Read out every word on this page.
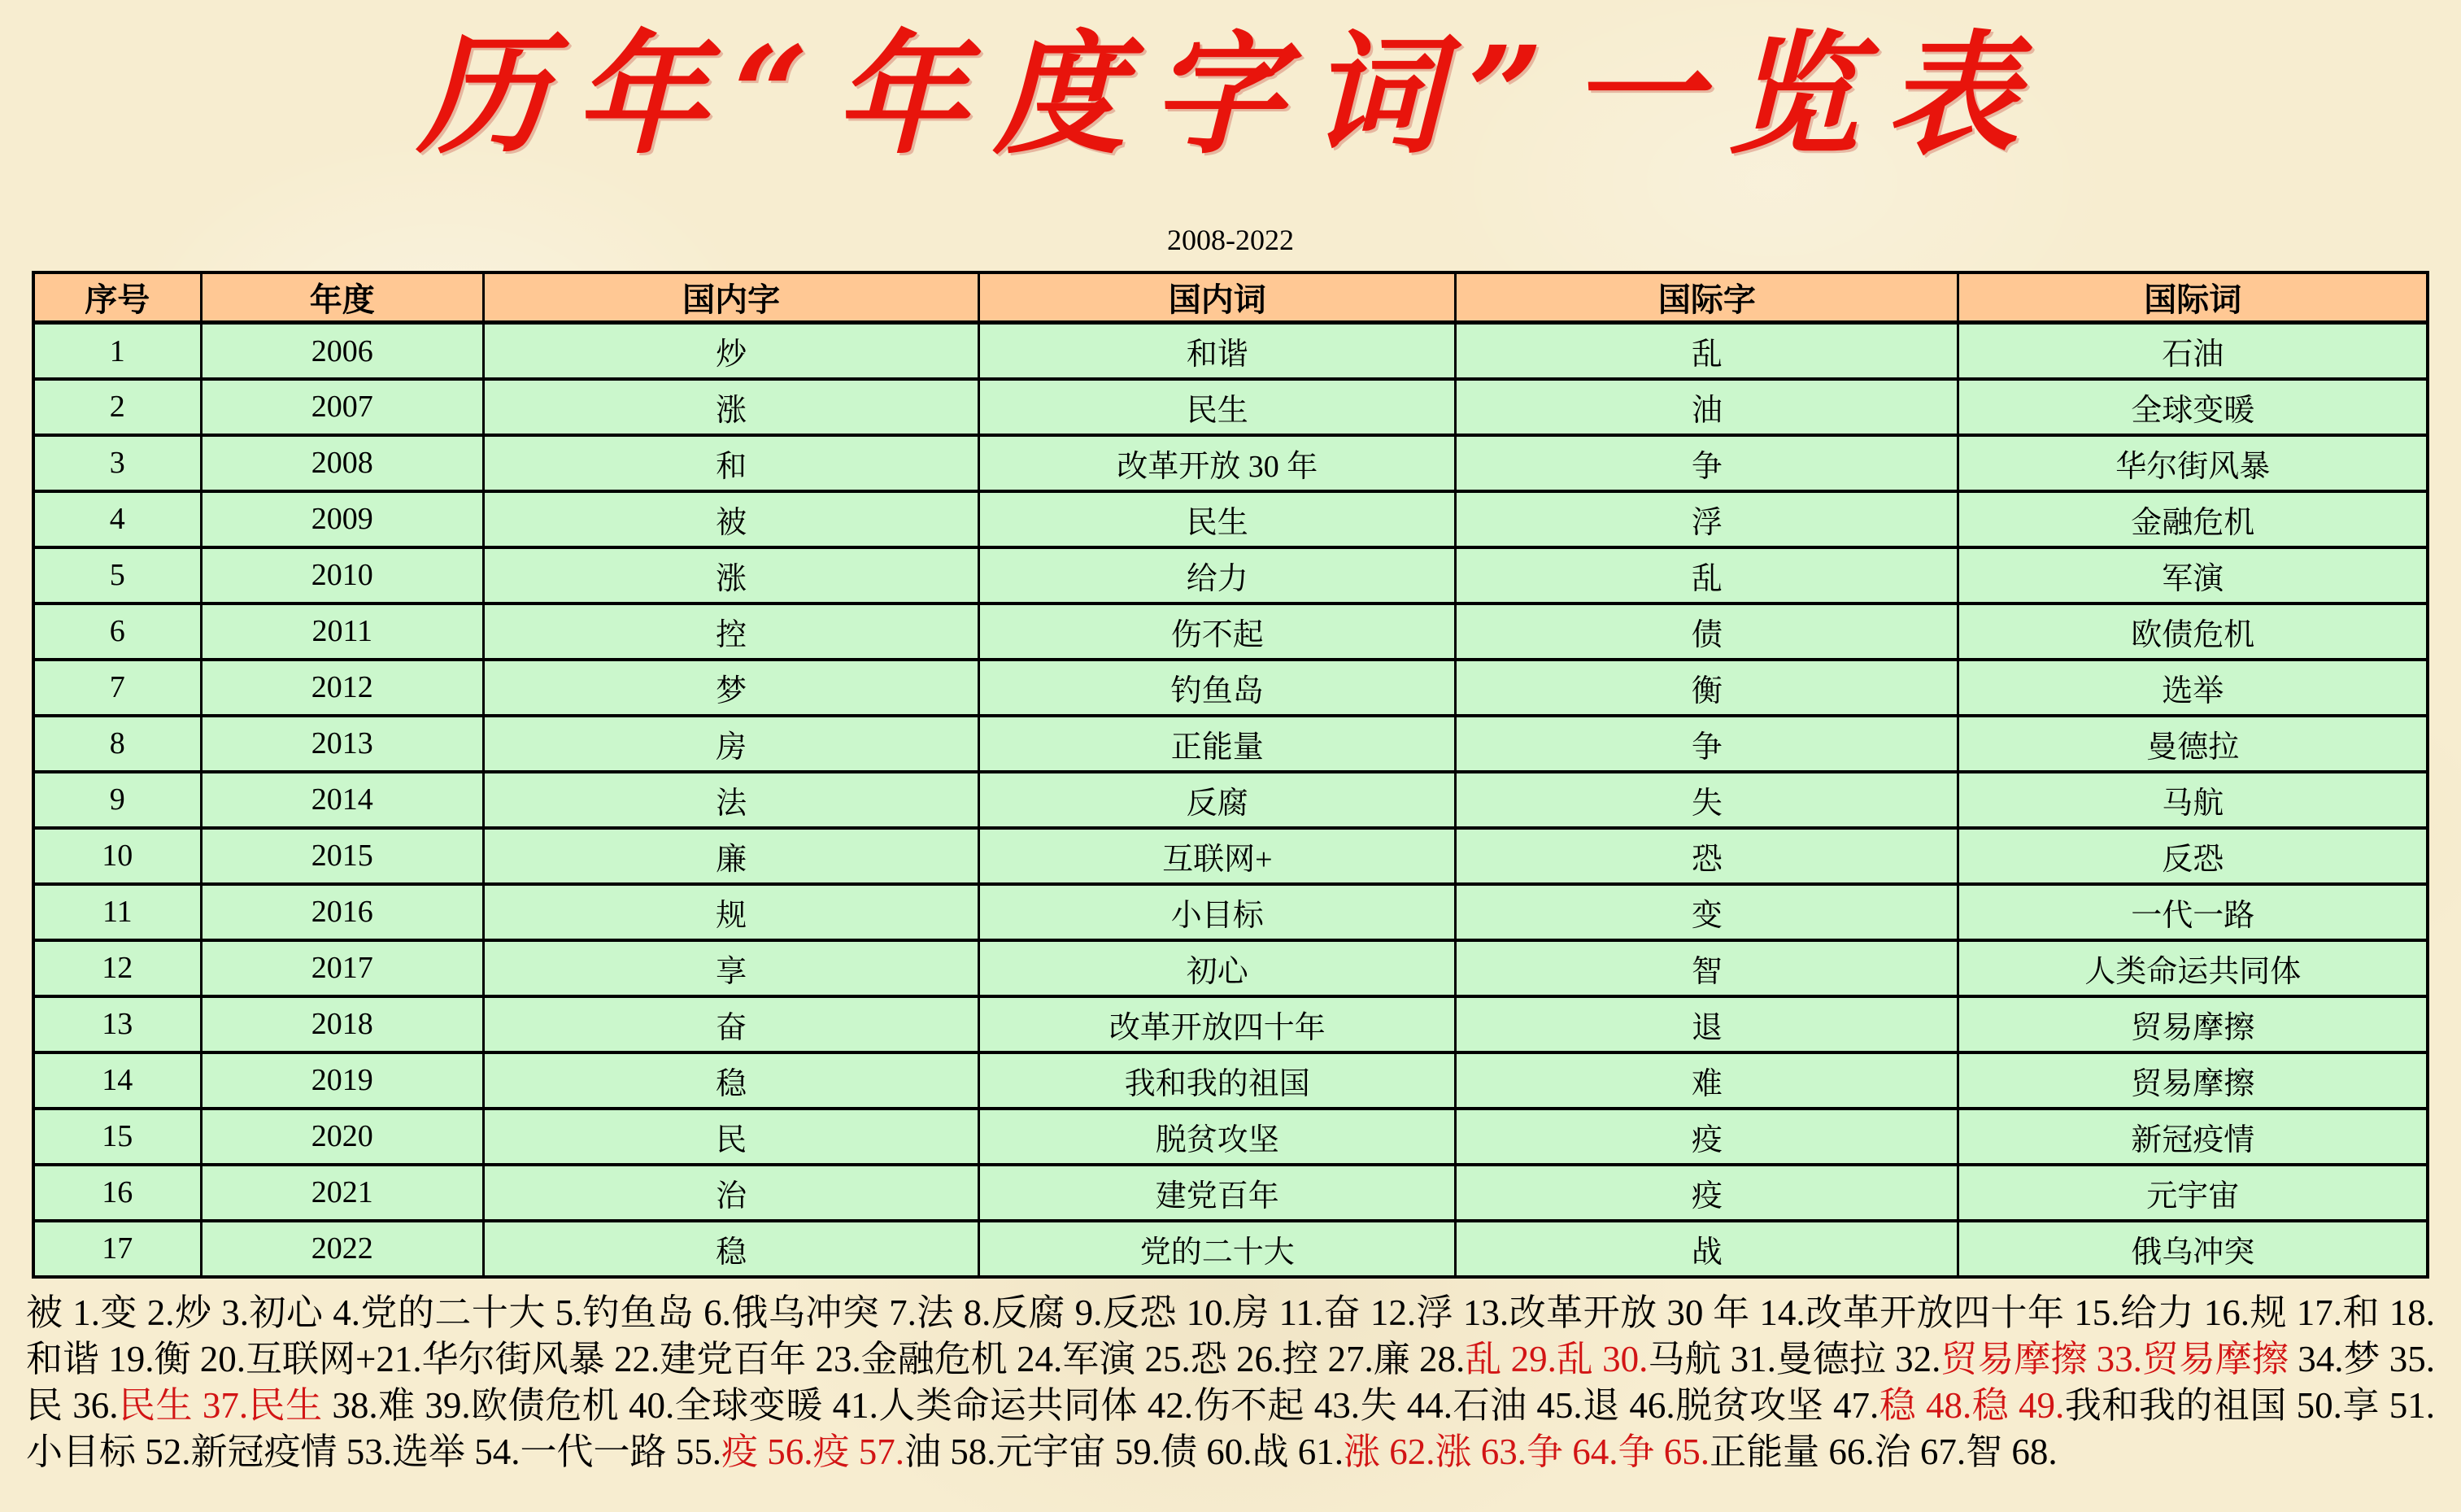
历年“年度字词”一览表
2008-2022
序号	年度	国内字	国内词	国际字	国际词
1	2006	炒	和谐	乱	石油
2	2007	涨	民生	油	全球变暖
3	2008	和	改革开放 30 年	争	华尔街风暴
4	2009	被	民生	浮	金融危机
5	2010	涨	给力	乱	军演
6	2011	控	伤不起	债	欧债危机
7	2012	梦	钓鱼岛	衡	选举
8	2013	房	正能量	争	曼德拉
9	2014	法	反腐	失	马航
10	2015	廉	互联网+	恐	反恐
11	2016	规	小目标	变	一代一路
12	2017	享	初心	智	人类命运共同体
13	2018	奋	改革开放四十年	退	贸易摩擦
14	2019	稳	我和我的祖国	难	贸易摩擦
15	2020	民	脱贫攻坚	疫	新冠疫情
16	2021	治	建党百年	疫	元宇宙
17	2022	稳	党的二十大	战	俄乌冲突
被 1.变 2.炒 3.初心 4.党的二十大 5.钓鱼岛 6.俄乌冲突 7.法 8.反腐 9.反恐 10.房 11.奋 12.浮 13.改革开放 30 年 14.改革开放四十年 15.给力 16.规 17.和 18.和谐 19.衡 20.互联网+21.华尔街风暴 22.建党百年 23.金融危机 24.军演 25.恐 26.控 27.廉 28.乱 29.乱 30.马航 31.曼德拉 32.贸易摩擦 33.贸易摩擦 34.梦 35.民 36.民生 37.民生 38.难 39.欧债危机 40.全球变暖 41.人类命运共同体 42.伤不起 43.失 44.石油 45.退 46.脱贫攻坚 47.稳 48.稳 49.我和我的祖国 50.享 51.小目标 52.新冠疫情 53.选举 54.一代一路 55.疫 56.疫 57.油 58.元宇宙 59.债 60.战 61.涨 62.涨 63.争 64.争 65.正能量 66.治 67.智 68.
